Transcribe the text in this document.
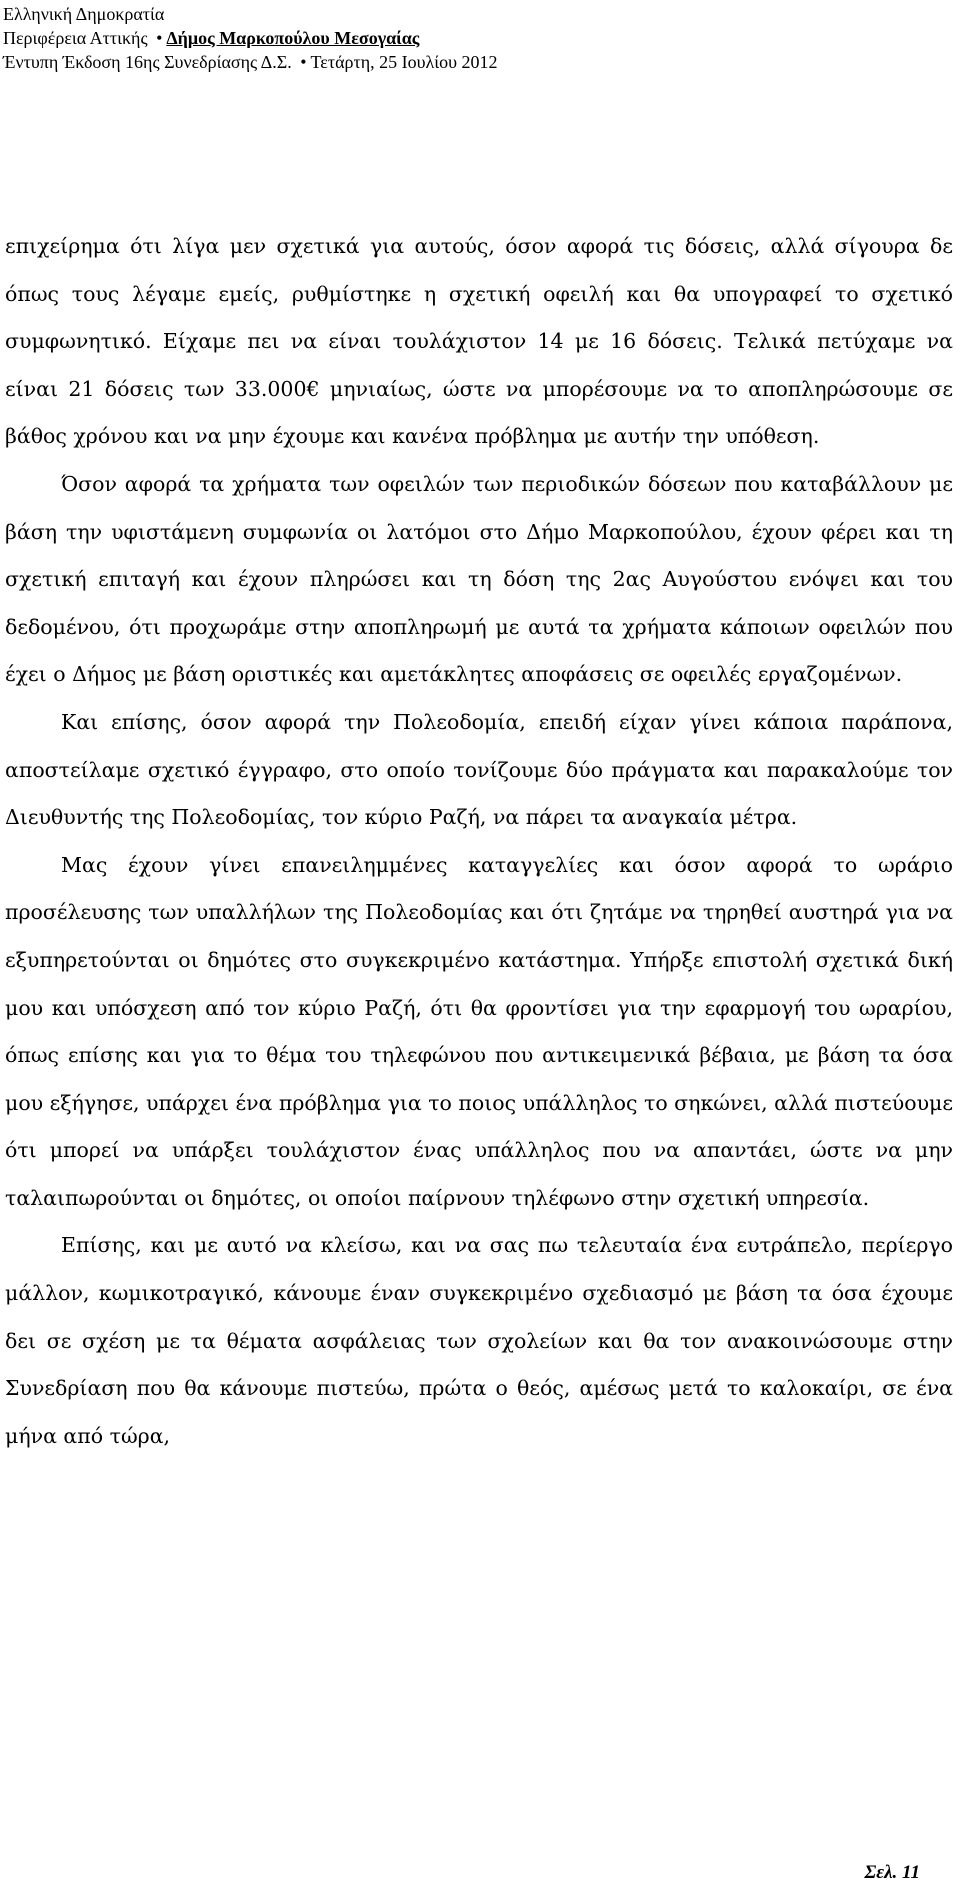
Ελληνική Δημοκρατία
Περιφέρεια Αττικής • Δήμος Μαρκοπούλου Μεσογαίας
Έντυπη Έκδοση 16ης Συνεδρίασης Δ.Σ. • Τετάρτη, 25 Ιουλίου 2012

επιχείρημα ότι λίγα μεν σχετικά για αυτούς, όσον αφορά τις δόσεις, αλλά σίγουρα δε όπως τους λέγαμε εμείς, ρυθμίστηκε η σχετική οφειλή και θα υπογραφεί το σχετικό συμφωνητικό. Είχαμε πει να είναι τουλάχιστον 14 με 16 δόσεις. Τελικά πετύχαμε να είναι 21 δόσεις των 33.000€ μηνιαίως, ώστε να μπορέσουμε να το αποπληρώσουμε σε βάθος χρόνου και να μην έχουμε και κανένα πρόβλημα με αυτήν την υπόθεση.

Όσον αφορά τα χρήματα των οφειλών των περιοδικών δόσεων που καταβάλλουν με βάση την υφιστάμενη συμφωνία οι λατόμοι στο Δήμο Μαρκοπούλου, έχουν φέρει και τη σχετική επιταγή και έχουν πληρώσει και τη δόση της 2ας Αυγούστου ενόψει και του δεδομένου, ότι προχωράμε στην αποπληρωμή με αυτά τα χρήματα κάποιων οφειλών που έχει ο Δήμος με βάση οριστικές και αμετάκλητες αποφάσεις σε οφειλές εργαζομένων.

Και επίσης, όσον αφορά την Πολεοδομία, επειδή είχαν γίνει κάποια παράπονα, αποστείλαμε σχετικό έγγραφο, στο οποίο τονίζουμε δύο πράγματα και παρακαλούμε τον Διευθυντής της Πολεοδομίας, τον κύριο Ραζή, να πάρει τα αναγκαία μέτρα.

Μας έχουν γίνει επανειλημμένες καταγγελίες και όσον αφορά το ωράριο προσέλευσης των υπαλλήλων της Πολεοδομίας και ότι ζητάμε να τηρηθεί αυστηρά για να εξυπηρετούνται οι δημότες στο συγκεκριμένο κατάστημα. Υπήρξε επιστολή σχετικά δική μου και υπόσχεση από τον κύριο Ραζή, ότι θα φροντίσει για την εφαρμογή του ωραρίου, όπως επίσης και για το θέμα του τηλεφώνου που αντικειμενικά βέβαια, με βάση τα όσα μου εξήγησε, υπάρχει ένα πρόβλημα για το ποιος υπάλληλος το σηκώνει, αλλά πιστεύουμε ότι μπορεί να υπάρξει τουλάχιστον ένας υπάλληλος που να απαντάει, ώστε να μην ταλαιπωρούνται οι δημότες, οι οποίοι παίρνουν τηλέφωνο στην σχετική υπηρεσία.

Επίσης, και με αυτό να κλείσω, και να σας πω τελευταία ένα ευτράπελο, περίεργο μάλλον, κωμικοτραγικό, κάνουμε έναν συγκεκριμένο σχεδιασμό με βάση τα όσα έχουμε δει σε σχέση με τα θέματα ασφάλειας των σχολείων και θα τον ανακοινώσουμε στην Συνεδρίαση που θα κάνουμε πιστεύω, πρώτα ο θεός, αμέσως μετά το καλοκαίρι, σε ένα μήνα από τώρα,

Σελ. 11
